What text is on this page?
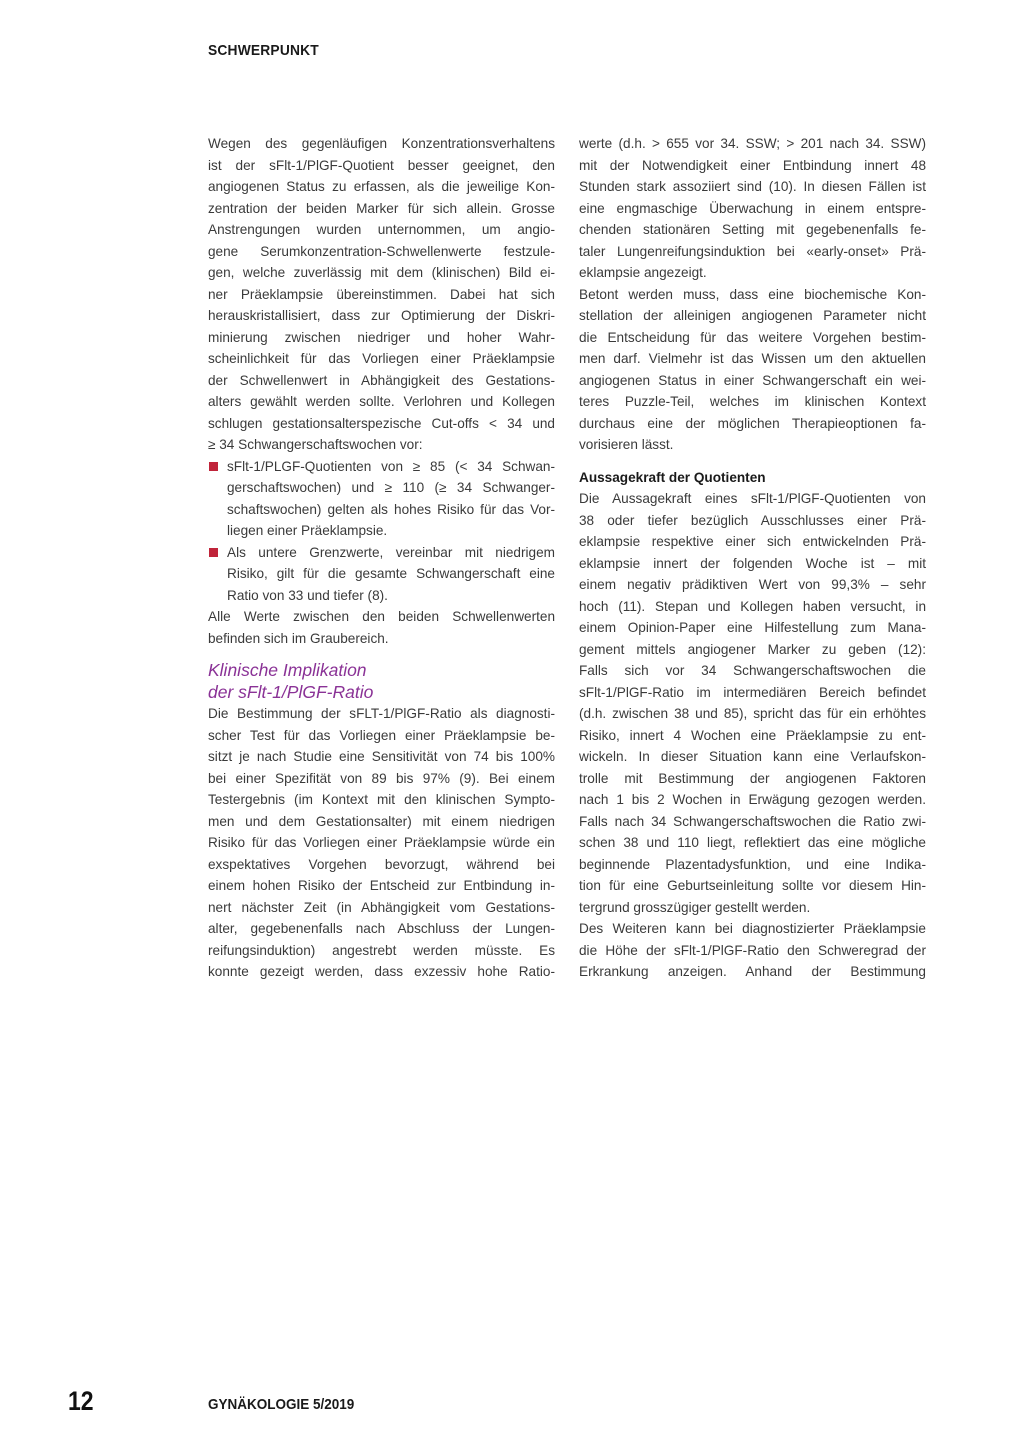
SCHWERPUNKT
Wegen des gegenläufigen Konzentrationsverhaltens
ist der sFlt-1/PlGF-Quotient besser geeignet, den
angiogenen Status zu erfassen, als die jeweilige Kon-
zentration der beiden Marker für sich allein. Grosse
Anstrengungen wurden unternommen, um angio-
gene Serumkonzentration-Schwellenwerte festzule-
gen, welche zuverlässig mit dem (klinischen) Bild ei-
ner Präeklampsie übereinstimmen. Dabei hat sich
herauskristallisiert, dass zur Optimierung der Diskri-
minierung zwischen niedriger und hoher Wahr-
scheinlichkeit für das Vorliegen einer Präeklampsie
der Schwellenwert in Abhängigkeit des Gestations-
alters gewählt werden sollte. Verlohren und Kollegen
schlugen gestationsalterspezische Cut-offs < 34 und
≥ 34 Schwangerschaftswochen vor:
sFlt-1/PLGF-Quotienten von ≥ 85 (< 34 Schwan-
gerschaftswochen) und ≥ 110 (≥ 34 Schwanger-
schaftswochen) gelten als hohes Risiko für das Vor-
liegen einer Präeklampsie.
Als untere Grenzwerte, vereinbar mit niedrigem
Risiko, gilt für die gesamte Schwangerschaft eine
Ratio von 33 und tiefer (8).
Alle Werte zwischen den beiden Schwellenwerten
befinden sich im Graubereich.
Klinische Implikation
der sFlt-1/PlGF-Ratio
Die Bestimmung der sFLT-1/PlGF-Ratio als diagnosti-
scher Test für das Vorliegen einer Präeklampsie be-
sitzt je nach Studie eine Sensitivität von 74 bis 100%
bei einer Spezifität von 89 bis 97% (9). Bei einem
Testergebnis (im Kontext mit den klinischen Sympto-
men und dem Gestationsalter) mit einem niedrigen
Risiko für das Vorliegen einer Präeklampsie würde ein
exspektatives Vorgehen bevorzugt, während bei
einem hohen Risiko der Entscheid zur Entbindung in-
nert nächster Zeit (in Abhängigkeit vom Gestations-
alter, gegebenenfalls nach Abschluss der Lungen-
reifungsinduktion) angestrebt werden müsste. Es
konnte gezeigt werden, dass exzessiv hohe Ratio-
werte (d.h. > 655 vor 34. SSW; > 201 nach 34. SSW)
mit der Notwendigkeit einer Entbindung innert 48
Stunden stark assoziiert sind (10). In diesen Fällen ist
eine engmaschige Überwachung in einem entspre-
chenden stationären Setting mit gegebenenfalls fe-
taler Lungenreifungsinduktion bei «early-onset» Prä-
eklampsie angezeigt.
Betont werden muss, dass eine biochemische Kon-
stellation der alleinigen angiogenen Parameter nicht
die Entscheidung für das weitere Vorgehen bestim-
men darf. Vielmehr ist das Wissen um den aktuellen
angiogenen Status in einer Schwangerschaft ein wei-
teres Puzzle-Teil, welches im klinischen Kontext
durchaus eine der möglichen Therapieoptionen fa-
vorisieren lässt.
Aussagekraft der Quotienten
Die Aussagekraft eines sFlt-1/PlGF-Quotienten von
38 oder tiefer bezüglich Ausschlusses einer Prä-
eklampsie respektive einer sich entwickelnden Prä-
eklampsie innert der folgenden Woche ist – mit
einem negativ prädiktiven Wert von 99,3% – sehr
hoch (11). Stepan und Kollegen haben versucht, in
einem Opinion-Paper eine Hilfestellung zum Mana-
gement mittels angiogener Marker zu geben (12):
Falls sich vor 34 Schwangerschaftswochen die
sFlt-1/PlGF-Ratio im intermediären Bereich befindet
(d.h. zwischen 38 und 85), spricht das für ein erhöhtes
Risiko, innert 4 Wochen eine Präeklampsie zu ent-
wickeln. In dieser Situation kann eine Verlaufskon-
trolle mit Bestimmung der angiogenen Faktoren
nach 1 bis 2 Wochen in Erwägung gezogen werden.
Falls nach 34 Schwangerschaftswochen die Ratio zwi-
schen 38 und 110 liegt, reflektiert das eine mögliche
beginnende Plazentadysfunktion, und eine Indika-
tion für eine Geburtseinleitung sollte vor diesem Hin-
tergrund grosszügiger gestellt werden.
Des Weiteren kann bei diagnostizierter Präeklampsie
die Höhe der sFlt-1/PlGF-Ratio den Schweregrad der
Erkrankung anzeigen. Anhand der Bestimmung
12	GYNÄKOLOGIE 5/2019
